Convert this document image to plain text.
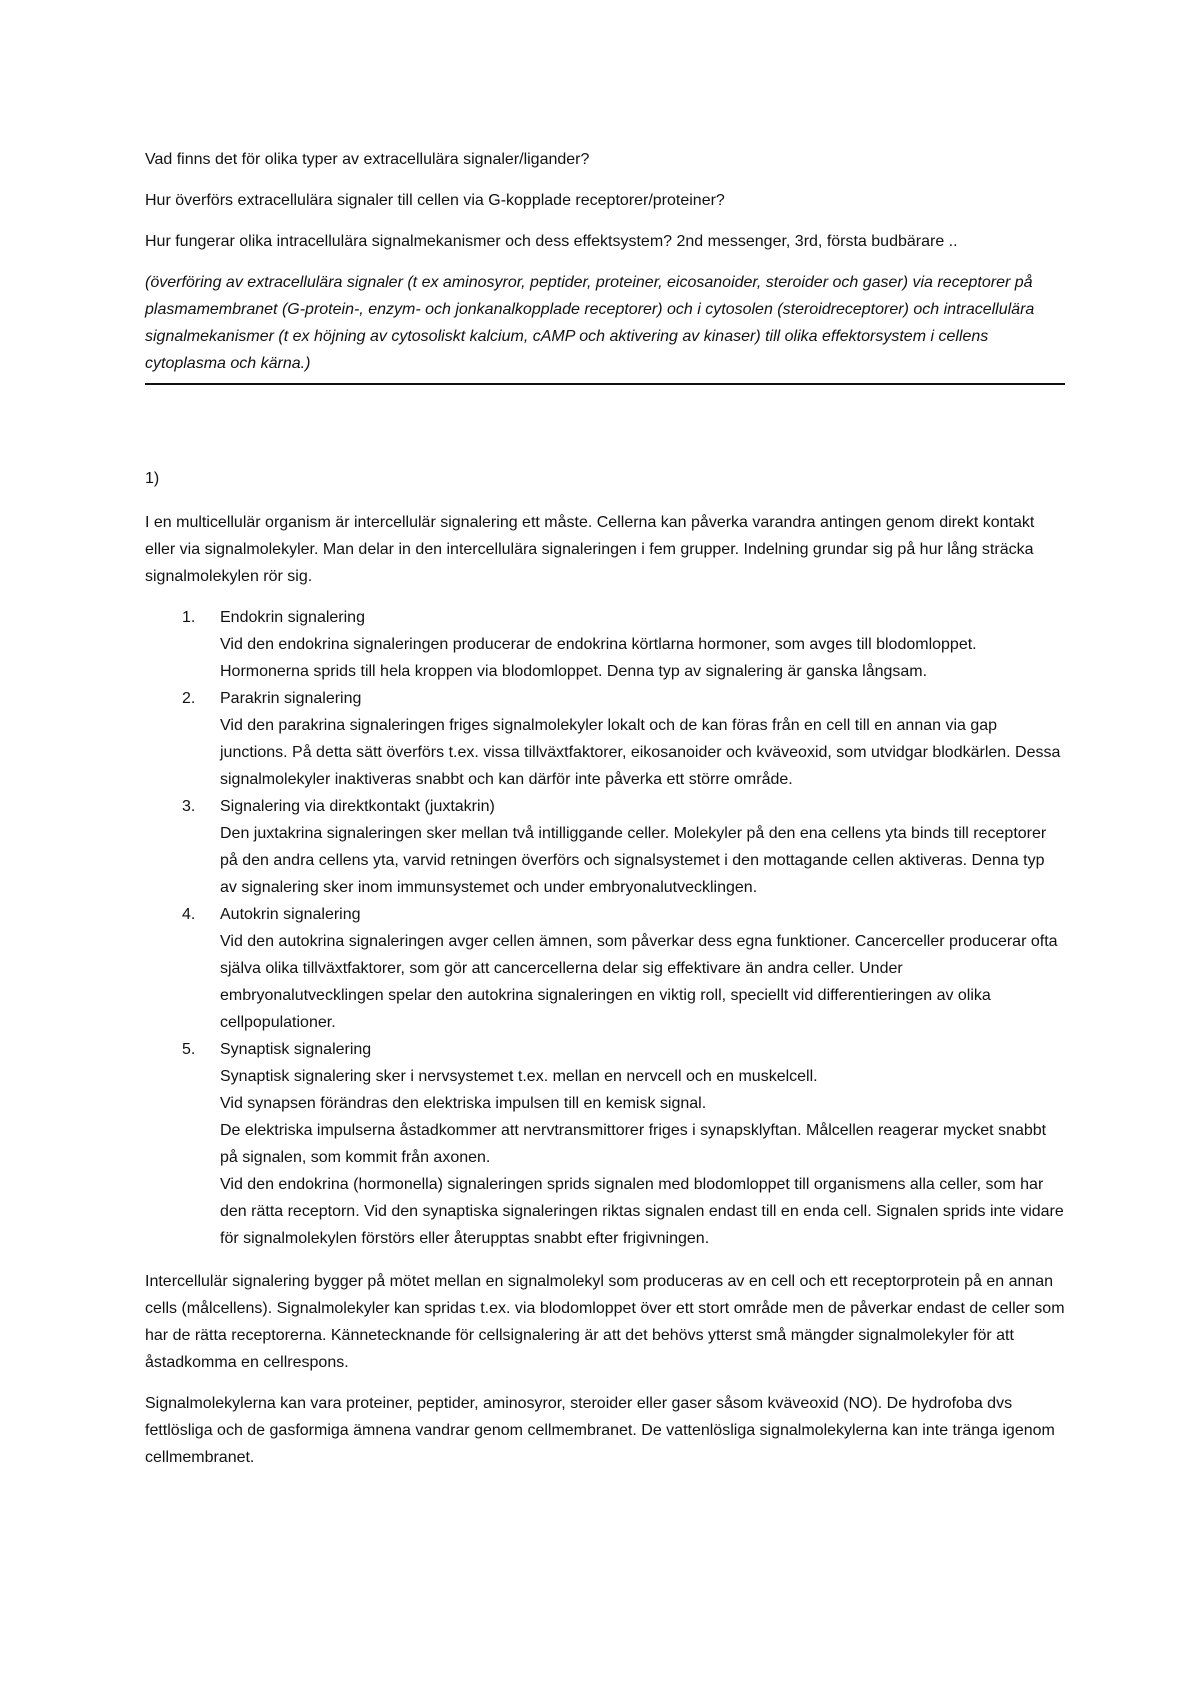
Vad finns det för olika typer av extracellulära signaler/ligander?

Hur överförs extracellulära signaler till cellen via G-kopplade receptorer/proteiner?

Hur fungerar olika intracellulära signalmekanismer och dess effektsystem? 2nd messenger, 3rd, första budbärare ..

(överföring av extracellulära signaler (t ex aminosyror, peptider, proteiner, eicosanoider, steroider och gaser) via receptorer på plasmamembranet (G-protein-, enzym- och jonkanalkopplade receptorer) och i cytosolen (steroidreceptorer) och intracellulära signalmekanismer (t ex höjning av cytosoliskt kalcium, cAMP och aktivering av kinaser) till olika effektorsystem i cellens cytoplasma och kärna.)

1)

I en multicellulär organism är intercellulär signalering ett måste. Cellerna kan påverka varandra antingen genom direkt kontakt eller via signalmolekyler. Man delar in den intercellulära signaleringen i fem grupper. Indelning grundar sig på hur lång sträcka signalmolekylen rör sig.

1. Endokrin signalering
Vid den endokrina signaleringen producerar de endokrina körtlarna hormoner, som avges till blodomloppet. Hormonerna sprids till hela kroppen via blodomloppet. Denna typ av signalering är ganska långsam.
2. Parakrin signalering
Vid den parakrina signaleringen friges signalmolekyler lokalt och de kan föras från en cell till en annan via gap junctions. På detta sätt överförs t.ex. vissa tillväxtfaktorer, eikosanoider och kväveoxid, som utvidgar blodkärlen. Dessa signalmolekyler inaktiveras snabbt och kan därför inte påverka ett större område.
3. Signalering via direktkontakt (juxtakrin)
Den juxtakrina signaleringen sker mellan två intilliggande celler. Molekyler på den ena cellens yta binds till receptorer på den andra cellens yta, varvid retningen överförs och signalsystemet i den mottagande cellen aktiveras. Denna typ av signalering sker inom immunsystemet och under embryonalutvecklingen.
4. Autokrin signalering
Vid den autokrina signaleringen avger cellen ämnen, som påverkar dess egna funktioner. Cancerceller producerar ofta själva olika tillväxtfaktorer, som gör att cancercellerna delar sig effektivare än andra celler. Under embryonalutvecklingen spelar den autokrina signaleringen en viktig roll, speciellt vid differentieringen av olika cellpopulationer.
5. Synaptisk signalering
Synaptisk signalering sker i nervsystemet t.ex. mellan en nervcell och en muskelcell.
Vid synapsen förändras den elektriska impulsen till en kemisk signal.
De elektriska impulserna åstadkommer att nervtransmittorer friges i synapsklyftan. Målcellen reagerar mycket snabbt på signalen, som kommit från axonen.
Vid den endokrina (hormonella) signaleringen sprids signalen med blodomloppet till organismens alla celler, som har den rätta receptorn. Vid den synaptiska signaleringen riktas signalen endast till en enda cell. Signalen sprids inte vidare för signalmolekylen förstörs eller återupptas snabbt efter frigivningen.

Intercellulär signalering bygger på mötet mellan en signalmolekyl som produceras av en cell och ett receptorprotein på en annan cells (målcellens). Signalmolekyler kan spridas t.ex. via blodomloppet över ett stort område men de påverkar endast de celler som har de rätta receptorerna. Kännetecknande för cellsignalering är att det behövs ytterst små mängder signalmolekyler för att åstadkomma en cellrespons.

Signalmolekylerna kan vara proteiner, peptider, aminosyror, steroider eller gaser såsom kväveoxid (NO). De hydrofoba dvs fettlösliga och de gasformiga ämnena vandrar genom cellmembranet. De vattenlösliga signalmolekylerna kan inte tränga igenom cellmembranet.
